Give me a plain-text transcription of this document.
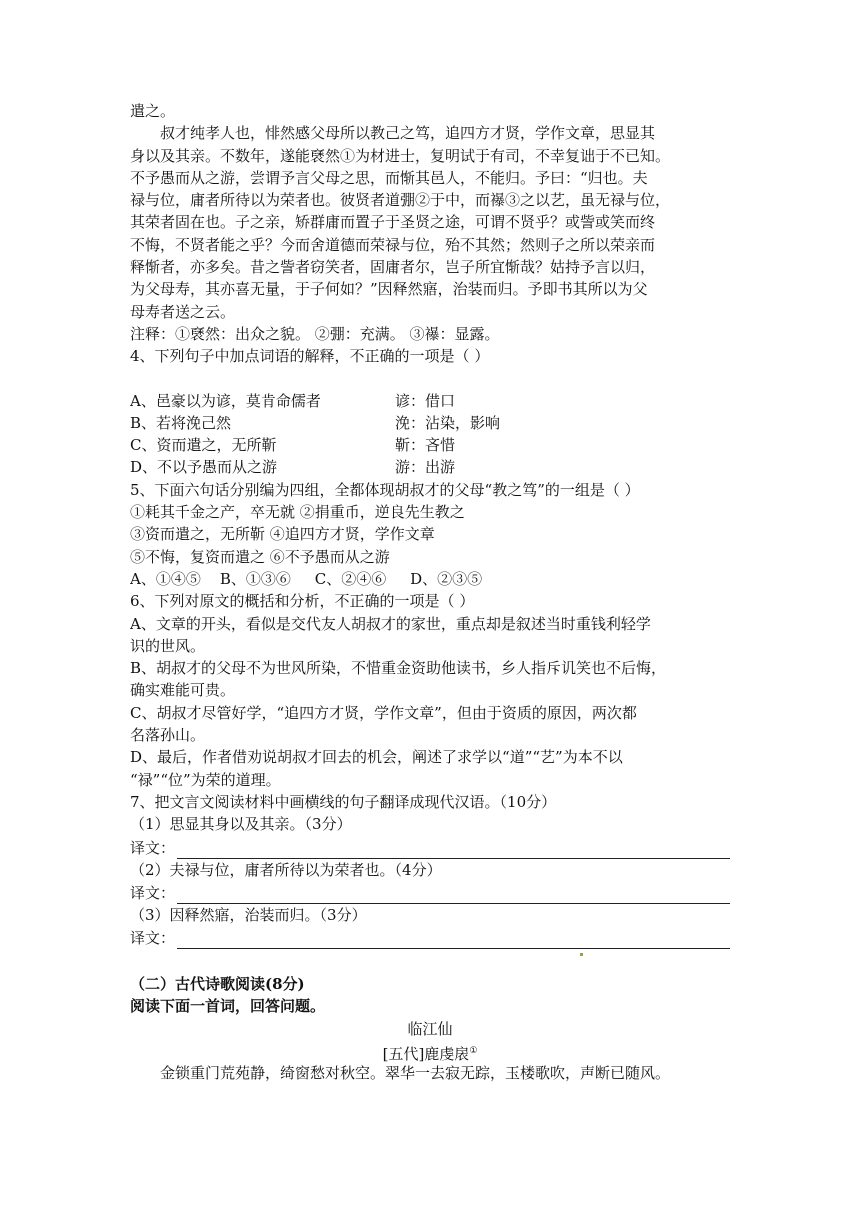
遣之。
叔才纯孝人也，悱然感父母所以教己之笃，追四方才贤，学作文章，思显其
身以及其亲。不数年，遂能褎然①为材进士，复明试于有司，不幸复诎于不已知。
不予愚而从之游，尝谓予言父母之思，而惭其邑人，不能归。予曰：“归也。夫
禄与位，庸者所待以为荣者也。彼贤者道弸②于中，而襮③之以艺，虽无禄与位，
其荣者固在也。子之亲，矫群庸而置子于圣贤之途，可谓不贤乎？或訾或笑而终
不悔，不贤者能之乎？今而舍道德而荣禄与位，殆不其然；然则子之所以荣亲而
释惭者，亦多矣。昔之訾者窃笑者，固庸者尔，岂子所宜惭哉？姑持予言以归，
为父母寿，其亦喜无量，于子何如？”因释然寤，治装而归。予即书其所以为父
母寿者送之云。
注释：①褎然：出众之貌。 ②弸：充满。 ③襮：显露。
4、下列句子中加点词语的解释，不正确的一项是（ ）
A、邑豪以为谚，莫肯命儒者	谚：借口
B、若将浼己然	浼：沾染，影响
C、资而遣之，无所靳	靳：吝惜
D、不以予愚而从之游	游：出游
5、下面六句话分别编为四组，全都体现胡叔才的父母“教之笃”的一组是（ ）
①耗其千金之产，卒无就 ②捐重币，逆良先生教之
③资而遣之，无所靳 ④追四方才贤，学作文章
⑤不悔，复资而遣之 ⑥不予愚而从之游
A、①④⑤    B、①③⑥     C、②④⑥     D、②③⑤
6、下列对原文的概括和分析，不正确的一项是（ ）
A、文章的开头，看似是交代友人胡叔才的家世，重点却是叙述当时重钱利轻学
识的世风。
B、胡叔才的父母不为世风所染，不惜重金资助他读书，乡人指斥讥笑也不后悔，
确实难能可贵。
C、胡叔才尽管好学，“追四方才贤，学作文章”，但由于资质的原因，两次都
名落孙山。
D、最后，作者借劝说胡叔才回去的机会，阐述了求学以“道”“艺”为本不以
“禄”“位”为荣的道理。
7、把文言文阅读材料中画横线的句子翻译成现代汉语。（10分）
（1）思显其身以及其亲。（3分）
译文：
（2）夫禄与位，庸者所待以为荣者也。（4分）
译文：
（3）因释然寤，治装而归。（3分）
译文：
（二）古代诗歌阅读(8分)
阅读下面一首词，回答问题。
临江仙
[五代]鹿虔扆①
金锁重门荒苑静，绮窗愁对秋空。翠华一去寂无踪，玉楼歌吹，声断已随风。
